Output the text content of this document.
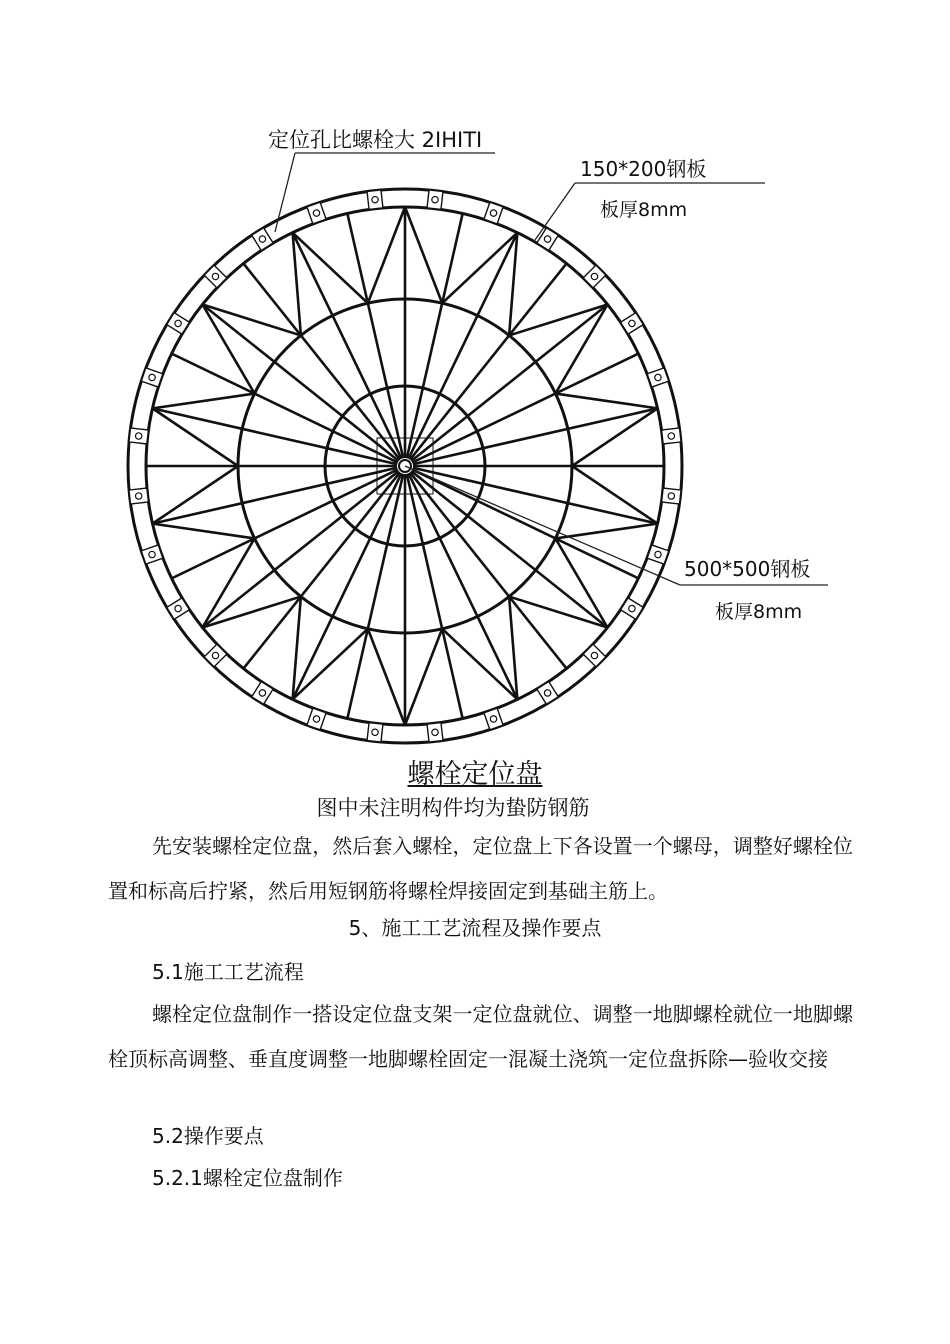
定位孔比螺栓大 2IHITI
150*200钢板
板厚8mm
500*500钢板
板厚8mm
螺栓定位盘
图中未注明构件均为蛰防钢筋
先安装螺栓定位盘，然后套入螺栓，定位盘上下各设置一个螺母，调整好螺栓位置和标高后拧紧，然后用短钢筋将螺栓焊接固定到基础主筋上。
5、施工工艺流程及操作要点
5.1施工工艺流程
螺栓定位盘制作一搭设定位盘支架一定位盘就位、调整一地脚螺栓就位一地脚螺栓顶标高调整、垂直度调整一地脚螺栓固定一混凝土浇筑一定位盘拆除—验收交接
5.2操作要点
5.2.1螺栓定位盘制作
